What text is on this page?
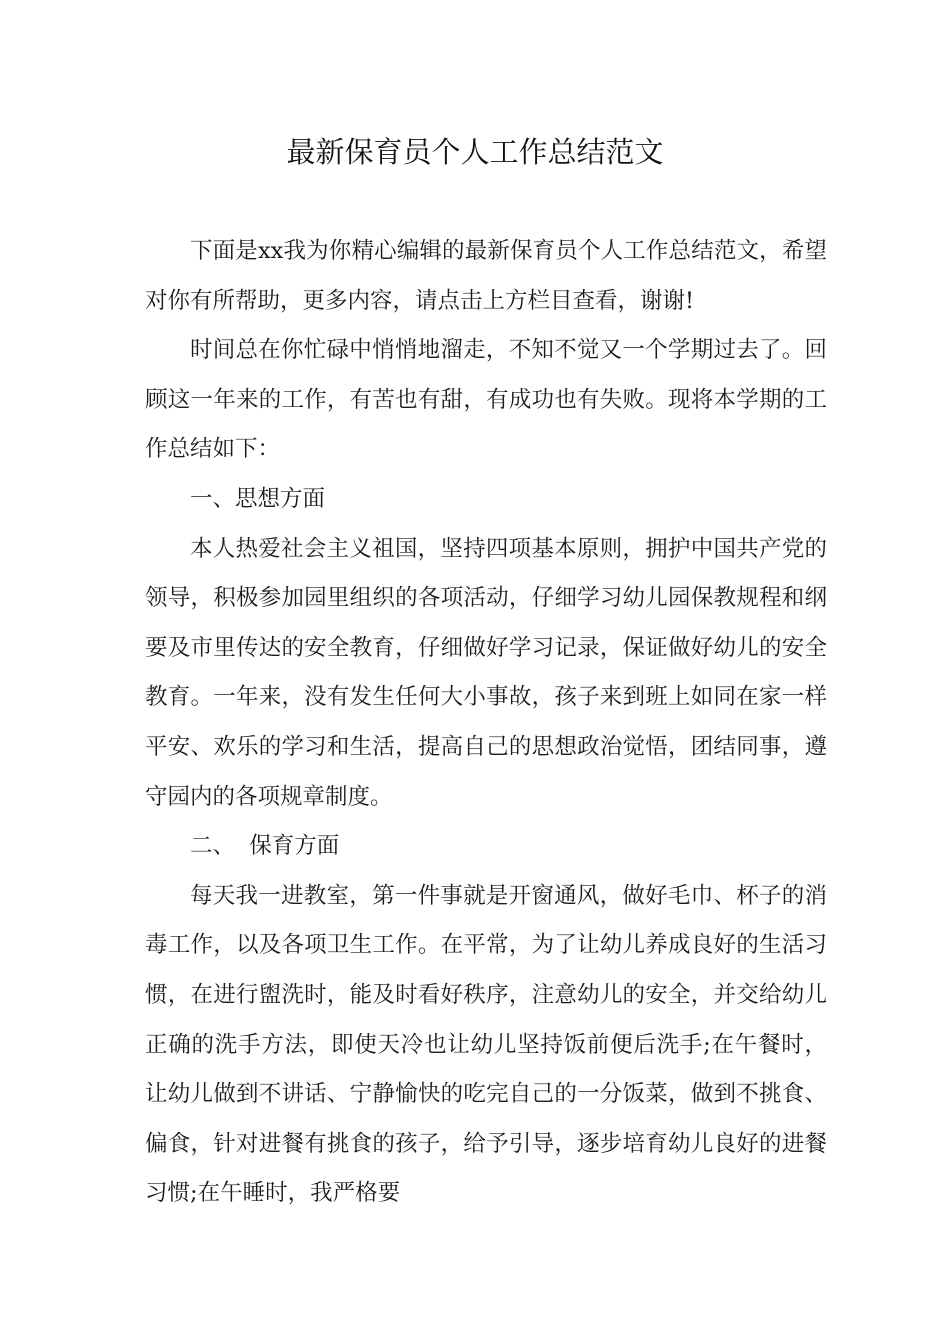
最新保育员个人工作总结范文

下面是xx我为你精心编辑的最新保育员个人工作总结范文，希望对你有所帮助，更多内容，请点击上方栏目查看，谢谢!

时间总在你忙碌中悄悄地溜走，不知不觉又一个学期过去了。回顾这一年来的工作，有苦也有甜，有成功也有失败。现将本学期的工作总结如下：

一、思想方面

本人热爱社会主义祖国，坚持四项基本原则，拥护中国共产党的领导，积极参加园里组织的各项活动，仔细学习幼儿园保教规程和纲要及市里传达的安全教育，仔细做好学习记录，保证做好幼儿的安全教育。一年来，没有发生任何大小事故，孩子来到班上如同在家一样平安、欢乐的学习和生活，提高自己的思想政治觉悟，团结同事，遵守园内的各项规章制度。

二、  保育方面

每天我一进教室，第一件事就是开窗通风，做好毛巾、杯子的消毒工作，以及各项卫生工作。在平常，为了让幼儿养成良好的生活习惯，在进行盥洗时，能及时看好秩序，注意幼儿的安全，并交给幼儿正确的洗手方法，即使天冷也让幼儿坚持饭前便后洗手;在午餐时，让幼儿做到不讲话、宁静愉快的吃完自己的一分饭菜，做到不挑食、偏食，针对进餐有挑食的孩子，给予引导，逐步培育幼儿良好的进餐习惯;在午睡时，我严格要
